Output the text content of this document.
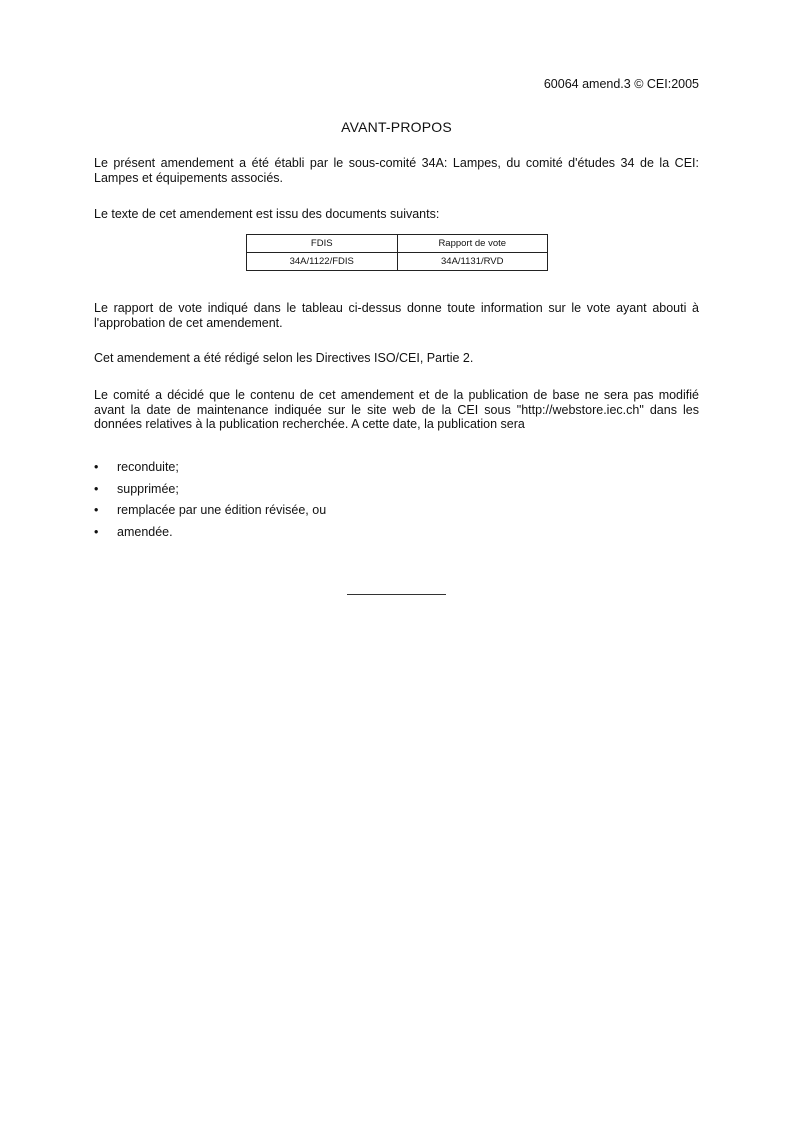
60064 amend.3 © CEI:2005
AVANT-PROPOS

Le présent amendement a été établi par le sous-comité 34A: Lampes, du comité d'études 34 de la CEI: Lampes et équipements associés.

Le texte de cet amendement est issu des documents suivants:

FDIS	Rapport de vote
34A/1122/FDIS	34A/1131/RVD

Le rapport de vote indiqué dans le tableau ci-dessus donne toute information sur le vote ayant abouti à l'approbation de cet amendement.

Cet amendement a été rédigé selon les Directives ISO/CEI, Partie 2.

Le comité a décidé que le contenu de cet amendement et de la publication de base ne sera pas modifié avant la date de maintenance indiquée sur le site web de la CEI sous "http://webstore.iec.ch" dans les données relatives à la publication recherchée. A cette date, la publication sera

• reconduite;
• supprimée;
• remplacée par une édition révisée, ou
• amendée.
